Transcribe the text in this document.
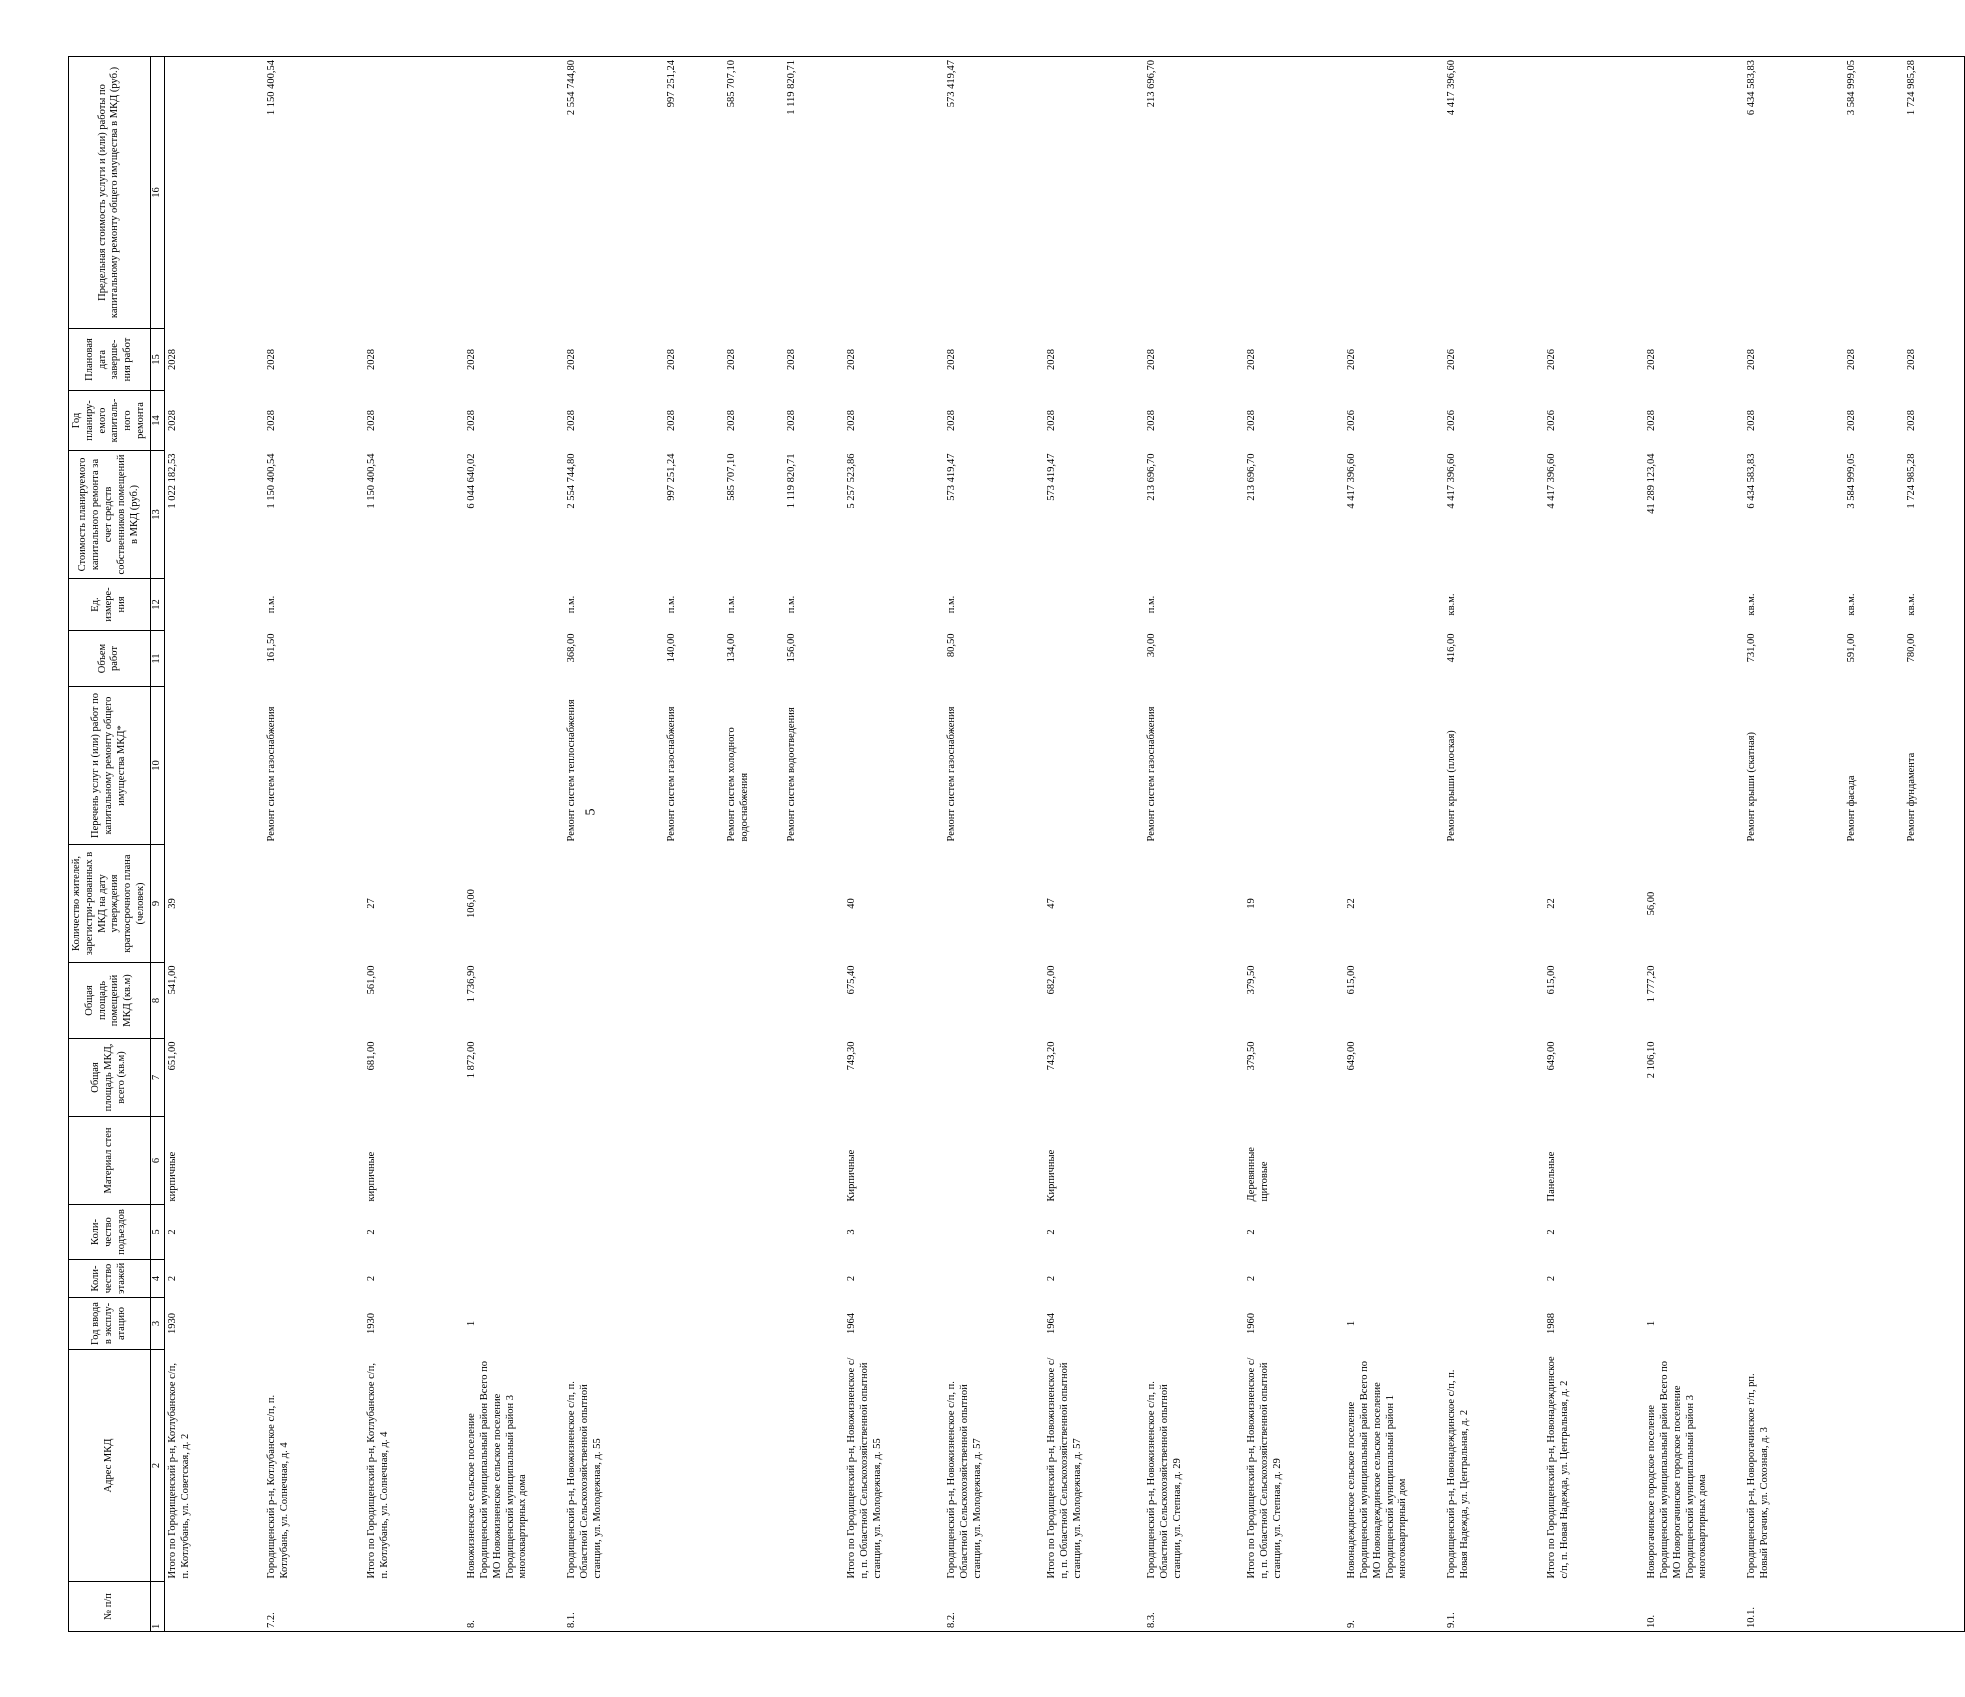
5
№ п/п	Адрес МКД	Год ввода в эксплу-атацию	Коли-чество этажей	Коли-чество подъездов	Материал стен	Общая площадь МКД, всего (кв.м)	Общая площадь помещений МКД (кв.м)	Количество жителей, зарегистри-рованных в МКД на дату утверждения краткосрочного плана (человек)	Перечень услуг и (или) работ по капитальному ремонту общего имущества МКД*	Объем работ	Ед. измере-ния	Стоимость планируемого капитального ремонта за счет средств собственников помещений в МКД (руб.)	Год планиру-емого капиталь-ного ремонта	Плановая дата заверше-ния работ	Предельная стоимость услуги и (или) работы по капитальному ремонту общего имущества в МКД (руб.)
1	2	3	4	5	6	7	8	9	10	11	12	13	14	15	16
	Итого по Городищенский р-н, Котлубанское с/п, п. Котлубань, ул. Советская, д. 2	1930	2	2	кирпичные	651,00	541,00	39				1 022 182,53	2028	2028	
7.2.	Городищенский р-н, Котлубанское с/п, п. Котлубань, ул. Солнечная, д. 4								Ремонт систем газоснабжения	161,50	п.м.	1 150 400,54	2028	2028	1 150 400,54
	Итого по Городищенский р-н, Котлубанское с/п, п. Котлубань, ул. Солнечная, д. 4	1930	2	2	кирпичные	681,00	561,00	27				1 150 400,54	2028	2028	
8.	Новожизненское сельское поселение Городищенский муниципальный район Всего по МО Новожизненское сельское поселение Городищенский муниципальный район 3 многоквартирных дома	1				1 872,00	1 736,90	106,00				6 044 640,02	2028	2028	
8.1.	Городищенский р-н, Новожизненское с/п, п. Областной Сельскохозяйственной опытной станции, ул. Молодежная, д. 55								Ремонт систем теплоснабжения	368,00	п.м.	2 554 744,80	2028	2028	2 554 744,80
									Ремонт систем газоснабжения	140,00	п.м.	997 251,24	2028	2028	997 251,24
									Ремонт систем холодного водоснабжения	134,00	п.м.	585 707,10	2028	2028	585 707,10
									Ремонт систем водоотведения	156,00	п.м.	1 119 820,71	2028	2028	1 119 820,71
	Итого по Городищенский р-н, Новожизненское с/п, п. Областной Сельскохозяйственной опытной станции, ул. Молодежная, д. 55	1964	2	3	Кирпичные	749,30	675,40	40				5 257 523,86	2028	2028	
8.2.	Городищенский р-н, Новожизненское с/п, п. Областной Сельскохозяйственной опытной станции, ул. Молодежная, д. 57								Ремонт систем газоснабжения	80,50	п.м.	573 419,47	2028	2028	573 419,47
	Итого по Городищенский р-н, Новожизненское с/п, п. Областной Сельскохозяйственной опытной станции, ул. Молодежная, д. 57	1964	2	2	Кирпичные	743,20	682,00	47				573 419,47	2028	2028	
8.3.	Городищенский р-н, Новожизненское с/п, п. Областной Сельскохозяйственной опытной станции, ул. Степная, д. 29								Ремонт систем газоснабжения	30,00	п.м.	213 696,70	2028	2028	213 696,70
	Итого по Городищенский р-н, Новожизненское с/п, п. Областной Сельскохозяйственной опытной станции, ул. Степная, д. 29	1960	2	2	Деревянные щитовые	379,50	379,50	19				213 696,70	2028	2028	
9.	Новонадеждинское сельское поселение Городищенский муниципальный район Всего по МО Новонадеждинское сельское поселение Городищенский муниципальный район 1 многоквартирный дом	1				649,00	615,00	22				4 417 396,60	2026	2026	
9.1.	Городищенский р-н, Новонадеждинское с/п, п. Новая Надежда, ул. Центральная, д. 2								Ремонт крыши (плоская)	416,00	кв.м.	4 417 396,60	2026	2026	4 417 396,60
	Итого по Городищенский р-н, Новонадеждинское с/п, п. Новая Надежда, ул. Центральная, д. 2	1988	2	2	Панельные	649,00	615,00	22				4 417 396,60	2026	2026	
10.	Новорогачинское городское поселение Городищенский муниципальный район Всего по МО Новорогачинское городское поселение Городищенский муниципальный район 3 многоквартирных дома	1				2 106,10	1 777,20	56,00				41 289 123,04	2028	2028	
10.1.	Городищенский р-н, Новорогачинское г/п, рп. Новый Рогачик, ул. Сохозная, д. 3								Ремонт крыши (скатная)	731,00	кв.м.	6 434 583,83	2028	2028	6 434 583,83
									Ремонт фасада	591,00	кв.м.	3 584 999,05	2028	2028	3 584 999,05
									Ремонт фундамента	780,00	кв.м.	1 724 985,28	2028	2028	1 724 985,28
